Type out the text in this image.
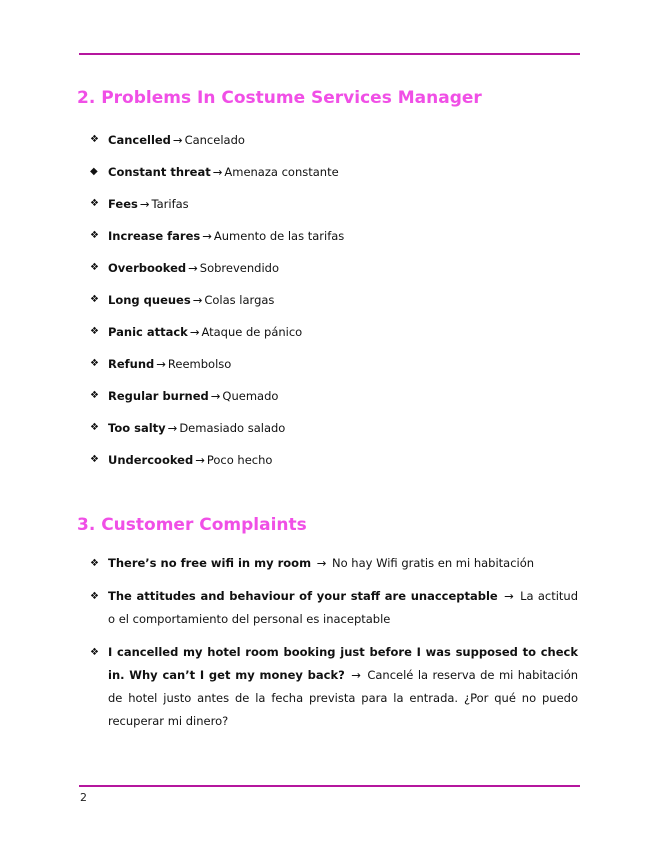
2. Problems In Costume Services Manager
❖ Cancelled → Cancelado
◆ Constant threat → Amenaza constante
❖ Fees → Tarifas
❖ Increase fares → Aumento de las tarifas
❖ Overbooked → Sobrevendido
❖ Long queues → Colas largas
❖ Panic attack → Ataque de pánico
❖ Refund → Reembolso
❖ Regular burned → Quemado
❖ Too salty → Demasiado salado
❖ Undercooked → Poco hecho
3. Customer Complaints
❖ There’s no free wifi in my room → No hay Wifi gratis en mi habitación
❖ The attitudes and behaviour of your staff are unacceptable → La actitud o el comportamiento del personal es inaceptable
❖ I cancelled my hotel room booking just before I was supposed to check in. Why can’t I get my money back? → Cancelé la reserva de mi habitación de hotel justo antes de la fecha prevista para la entrada. ¿Por qué no puedo recuperar mi dinero?
2
